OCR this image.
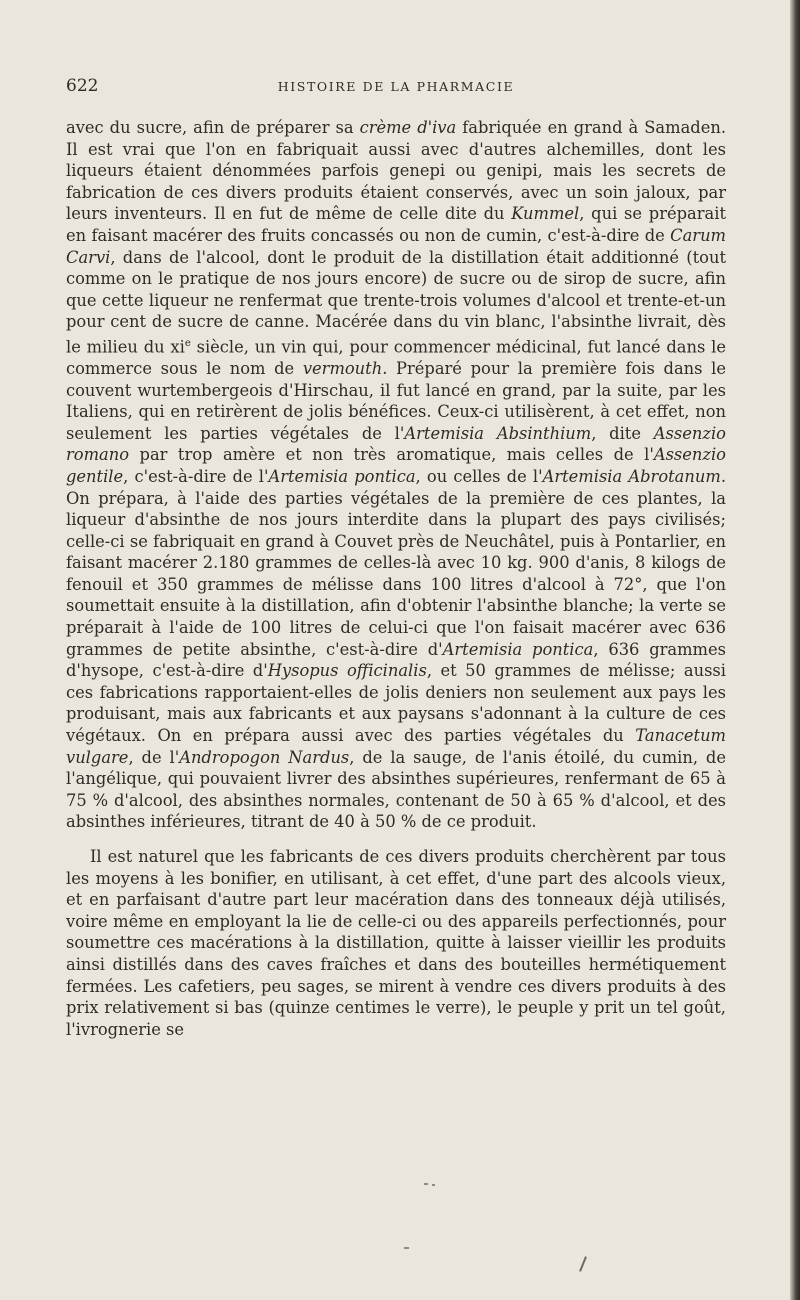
622	HISTOIRE DE LA PHARMACIE

avec du sucre, afin de préparer sa crème d'iva fabriquée en grand à Samaden. Il est vrai que l'on en fabriquait aussi avec d'autres alchemilles, dont les liqueurs étaient dénommées parfois genepi ou genipi, mais les secrets de fabrication de ces divers produits étaient conservés, avec un soin jaloux, par leurs inventeurs. Il en fut de même de celle dite du Kummel, qui se préparait en faisant macérer des fruits concassés ou non de cumin, c'est-à-dire de Carum Carvi, dans de l'alcool, dont le produit de la distillation était additionné (tout comme on le pratique de nos jours encore) de sucre ou de sirop de sucre, afin que cette liqueur ne renfermat que trente-trois volumes d'alcool et trente-et-un pour cent de sucre de canne. Macérée dans du vin blanc, l'absinthe livrait, dès le milieu du $xi^e$ siècle, un vin qui, pour commencer médicinal, fut lancé dans le commerce sous le nom de vermouth. Préparé pour la première fois dans le couvent wurtembergeois d'Hirschau, il fut lancé en grand, par la suite, par les Italiens, qui en retirèrent de jolis bénéfices. Ceux-ci utilisèrent, à cet effet, non seulement les parties végétales de l'Artemisia Absinthium, dite Assenzio romano par trop amère et non très aromatique, mais celles de l'Assenzio gentile, c'est-à-dire de l'Artemisia pontica, ou celles de l'Artemisia Abrotanum. On prépara, à l'aide des parties végétales de la première de ces plantes, la liqueur d'absinthe de nos jours interdite dans la plupart des pays civilisés; celle-ci se fabriquait en grand à Couvet près de Neuchâtel, puis à Pontarlier, en faisant macérer 2.180 grammes de celles-là avec 10 kg. 900 d'anis, 8 kilogs de fenouil et 350 grammes de mélisse dans 100 litres d'alcool à 72°, que l'on soumettait ensuite à la distillation, afin d'obtenir l'absinthe blanche; la verte se préparait à l'aide de 100 litres de celui-ci que l'on faisait macérer avec 636 grammes de petite absinthe, c'est-à-dire d'Artemisia pontica, 636 grammes d'hysope, c'est-à-dire d'Hysopus officinalis, et 50 grammes de mélisse; aussi ces fabrications rapportaient-elles de jolis deniers non seulement aux pays les produisant, mais aux fabricants et aux paysans s'adonnant à la culture de ces végétaux. On en prépara aussi avec des parties végétales du Tanacetum vulgare, de l'Andropogon Nardus, de la sauge, de l'anis étoilé, du cumin, de l'angélique, qui pouvaient livrer des absinthes supérieures, renfermant de 65 à 75 % d'alcool, des absinthes normales, contenant de 50 à 65 % d'alcool, et des absinthes inférieures, titrant de 40 à 50 % de ce produit.

Il est naturel que les fabricants de ces divers produits cherchèrent par tous les moyens à les bonifier, en utilisant, à cet effet, d'une part des alcools vieux, et en parfaisant d'autre part leur macération dans des tonneaux déjà utilisés, voire même en employant la lie de celle-ci ou des appareils perfectionnés, pour soumettre ces macérations à la distillation, quitte à laisser vieillir les produits ainsi distillés dans des caves fraîches et dans des bouteilles hermétiquement fermées. Les cafetiers, peu sages, se mirent à vendre ces divers produits à des prix relativement si bas (quinze centimes le verre), le peuple y prit un tel goût, l'ivrognerie se
